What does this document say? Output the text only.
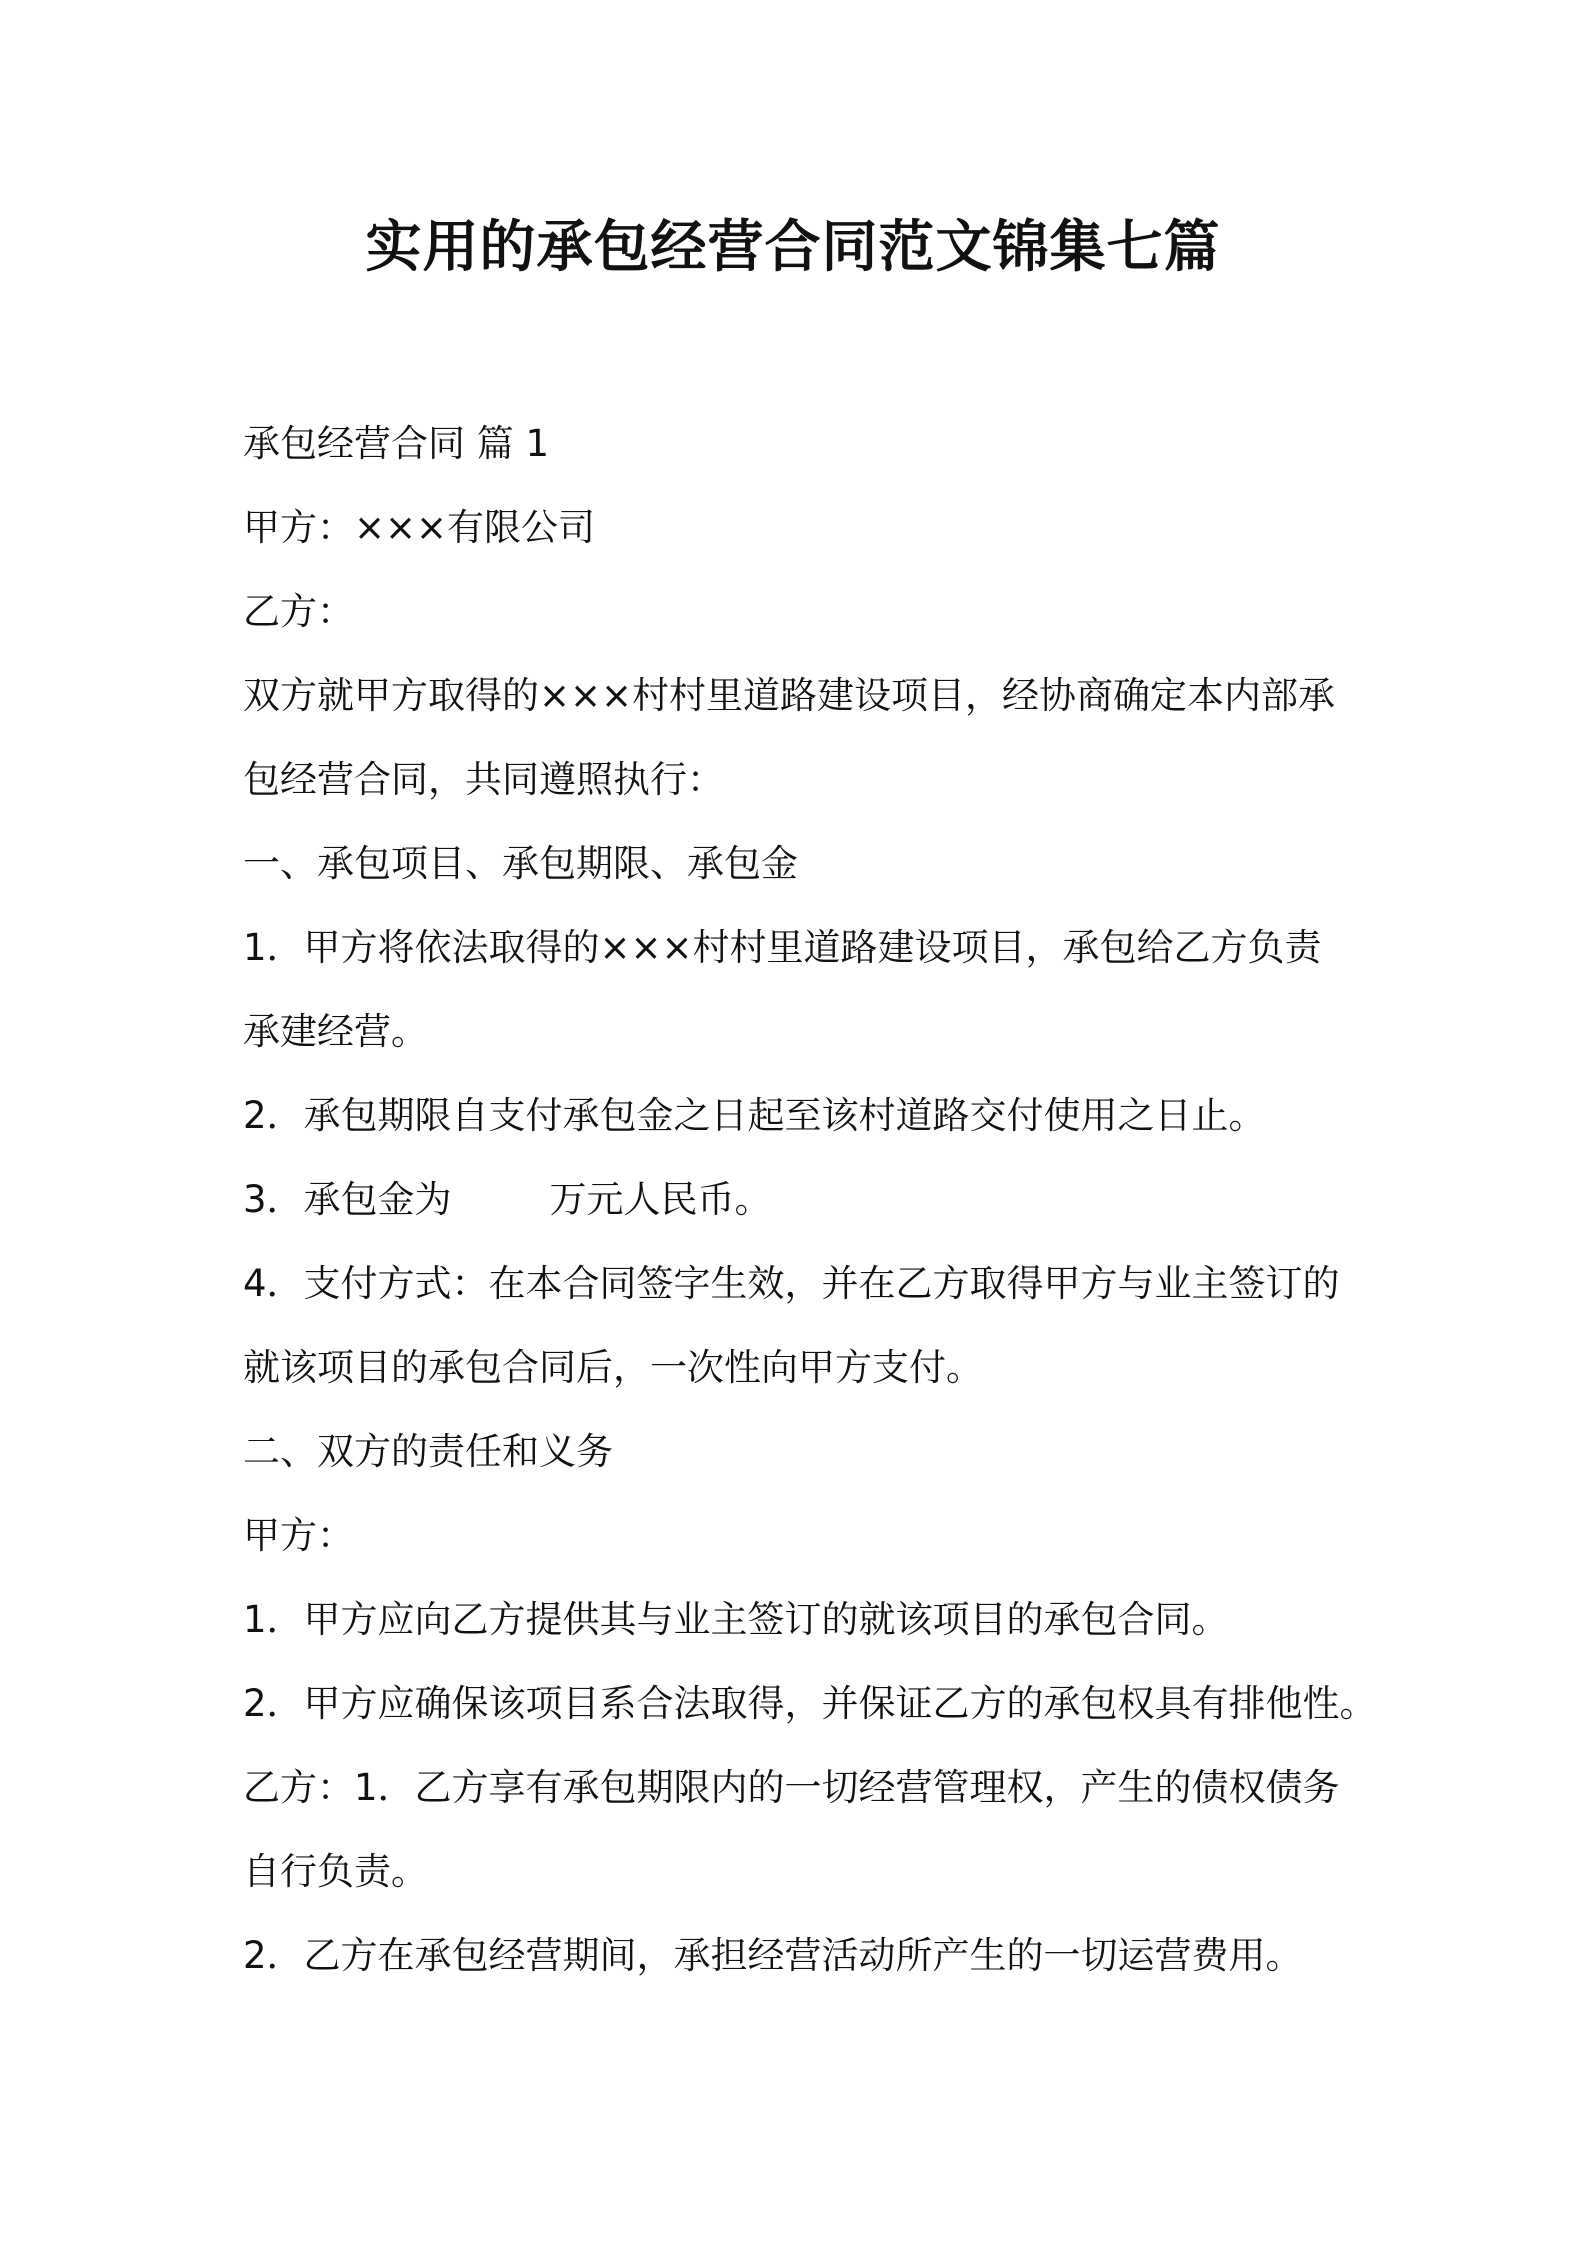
实用的承包经营合同范文锦集七篇
承包经营合同 篇 1
甲方：×××有限公司
乙方：
双方就甲方取得的×××村村里道路建设项目，经协商确定本内部承
包经营合同，共同遵照执行：
一、承包项目、承包期限、承包金
1．甲方将依法取得的×××村村里道路建设项目，承包给乙方负责
承建经营。
2．承包期限自支付承包金之日起至该村道路交付使用之日止。
3．承包金为	万元人民币。
4．支付方式：在本合同签字生效，并在乙方取得甲方与业主签订的
就该项目的承包合同后，一次性向甲方支付。
二、双方的责任和义务
甲方：
1．甲方应向乙方提供其与业主签订的就该项目的承包合同。
2．甲方应确保该项目系合法取得，并保证乙方的承包权具有排他性。
乙方：1．乙方享有承包期限内的一切经营管理权，产生的债权债务
自行负责。
2．乙方在承包经营期间，承担经营活动所产生的一切运营费用。
